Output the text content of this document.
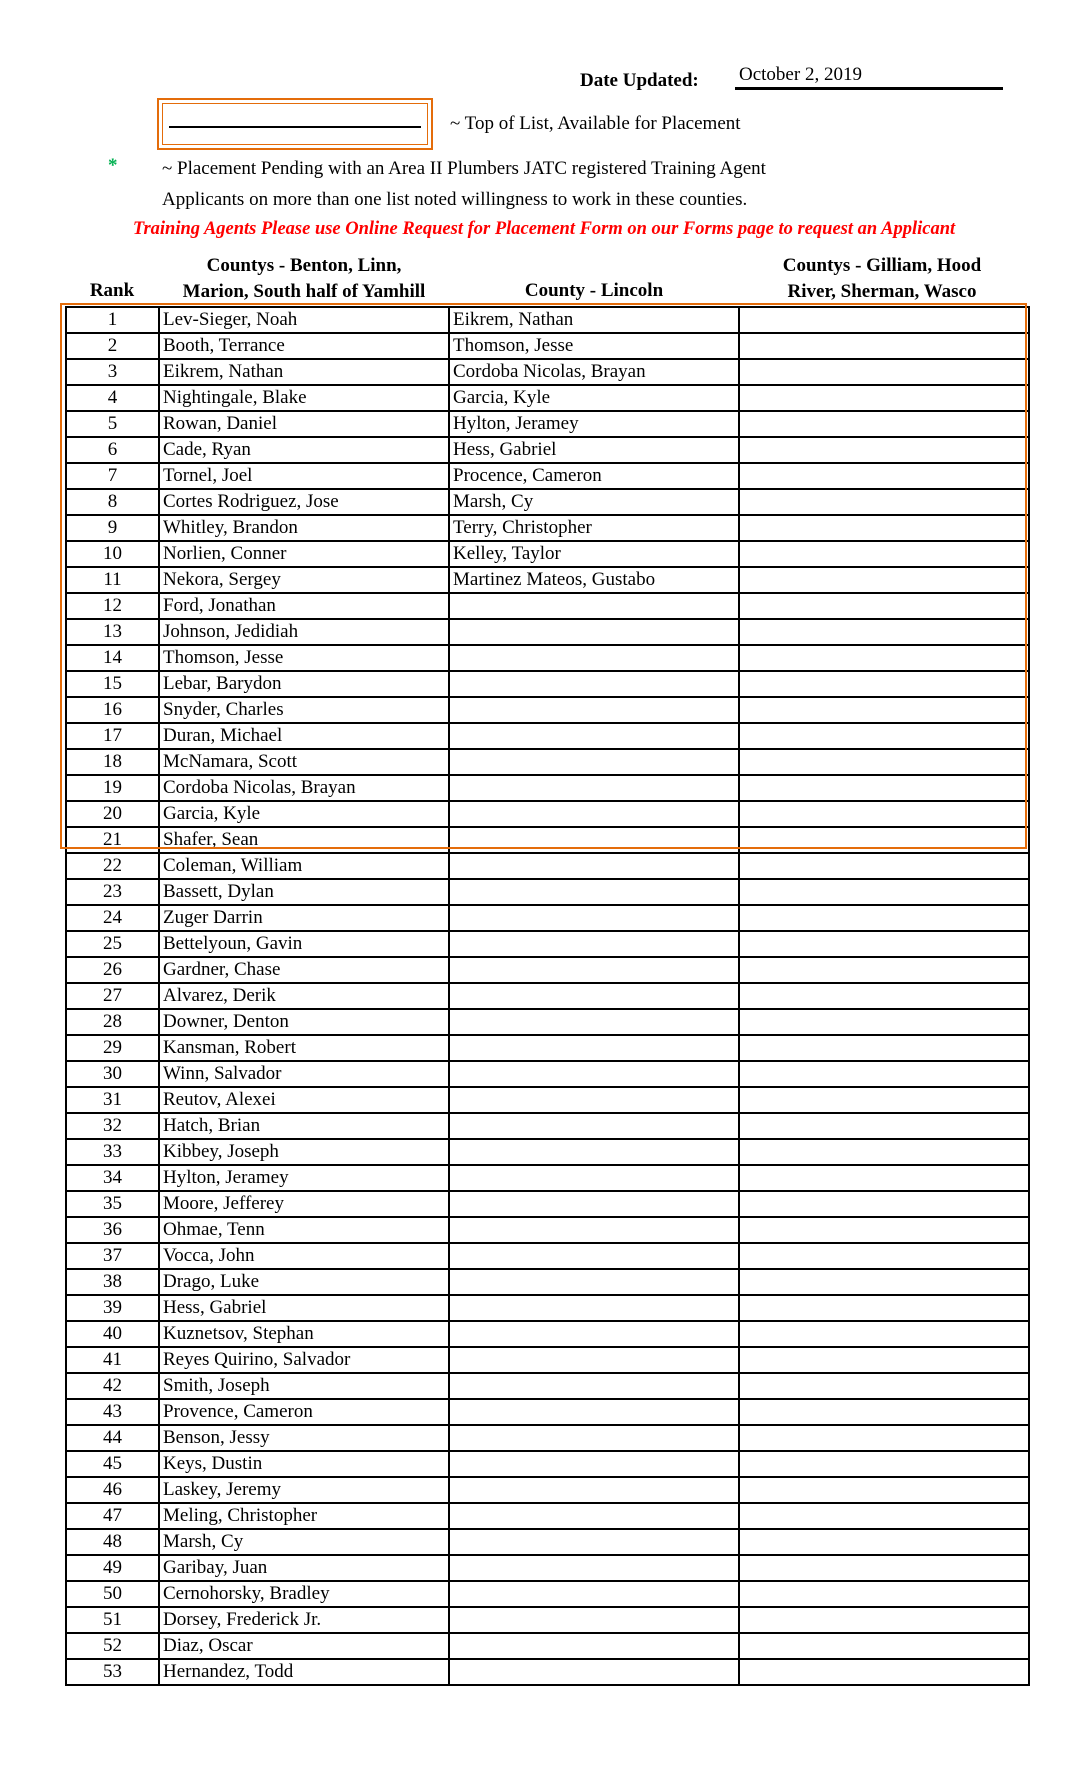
Date Updated: October 2, 2019
~ Top of List, Available for Placement
* ~ Placement Pending with an Area II Plumbers JATC registered Training Agent
Applicants on more than one list noted willingness to work in these counties.
Training Agents Please use Online Request for Placement Form on our Forms page to request an Applicant
Rank
Countys - Benton, Linn,
Marion, South half of Yamhill	County - Lincoln
Countys - Gilliam, Hood
River, Sherman, Wasco
1	Lev-Sieger, Noah	Eikrem, Nathan	
2	Booth, Terrance	Thomson, Jesse	
3	Eikrem, Nathan	Cordoba Nicolas, Brayan	
4	Nightingale, Blake	Garcia, Kyle	
5	Rowan, Daniel	Hylton, Jeramey	
6	Cade, Ryan	Hess, Gabriel	
7	Tornel, Joel	Procence, Cameron	
8	Cortes Rodriguez, Jose	Marsh, Cy	
9	Whitley, Brandon	Terry, Christopher	
10	Norlien, Conner	Kelley, Taylor	
11	Nekora, Sergey	Martinez Mateos, Gustabo	
12	Ford, Jonathan		
13	Johnson, Jedidiah		
14	Thomson, Jesse		
15	Lebar, Barydon		
16	Snyder, Charles		
17	Duran, Michael		
18	McNamara, Scott		
19	Cordoba Nicolas, Brayan		
20	Garcia, Kyle		
21	Shafer, Sean		
22	Coleman, William		
23	Bassett, Dylan		
24	Zuger Darrin		
25	Bettelyoun, Gavin		
26	Gardner, Chase		
27	Alvarez, Derik		
28	Downer, Denton		
29	Kansman, Robert		
30	Winn, Salvador		
31	Reutov, Alexei		
32	Hatch, Brian		
33	Kibbey, Joseph		
34	Hylton, Jeramey		
35	Moore, Jefferey		
36	Ohmae, Tenn		
37	Vocca, John		
38	Drago, Luke		
39	Hess, Gabriel		
40	Kuznetsov, Stephan		
41	Reyes Quirino, Salvador		
42	Smith, Joseph		
43	Provence, Cameron		
44	Benson, Jessy		
45	Keys, Dustin		
46	Laskey, Jeremy		
47	Meling, Christopher		
48	Marsh, Cy		
49	Garibay, Juan		
50	Cernohorsky, Bradley		
51	Dorsey, Frederick Jr.		
52	Diaz, Oscar		
53	Hernandez, Todd		
